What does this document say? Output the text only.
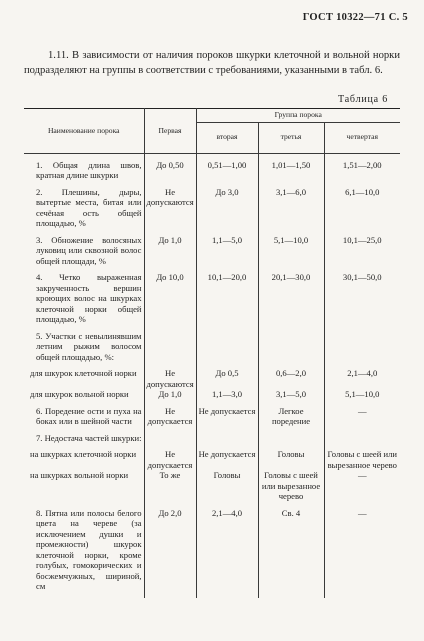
ГОСТ 10322—71 С. 5
1.11. В зависимости от наличия пороков шкурки клеточной и вольной норки подразделяют на группы в соответствии с требованиями, указанными в табл. 6.
Таблица 6
Наименование порока	Первая	Группа порока		
		вторая	третья	четвертая

1. Общая длина швов, кратная длине шкурки	До 0,50	0,51—1,00	1,01—1,50	1,51—2,00

2. Плешины, дыры, вытертые места, битая или сечёная ость общей площадью, %	Не допускаются	До 3,0	3,1—6,0	6,1—10,0

3. Обножение волосяных луковиц или сквозной волос общей площади, %	До 1,0	1,1—5,0	5,1—10,0	10,1—25,0

4. Четко выраженная закрученность вершин кроющих волос на шкурках клеточной норки общей площадью, %	До 10,0	10,1—20,0	20,1—30,0	30,1—50,0

5. Участки с невылинявшим летним рыжим волосом общей площадью, %:				

для шкурок клеточной норки	Не допускаются	До 0,5	0,6—2,0	2,1—4,0
для шкурок вольной норки	До 1,0	1,1—3,0	3,1—5,0	5,1—10,0

6. Поредение ости и пуха на боках или в шейной части	Не допускается	Не допускается	Легкое поредение	—

7. Недостача частей шкурки:				

на шкурках клеточной норки	Не допускается	Не допускается	Головы	Головы с шеей или вырезанное черево
на шкурках вольной норки	То же	Головы	Головы с шеей или вырезанное черево	—

8. Пятна или полосы белого цвета на череве (за исключением душки и промежности) шкурок клеточной норки, кроме голубых, гомокорических и босжемчужных, шириной, см	До 2,0	2,1—4,0	Св. 4	—
